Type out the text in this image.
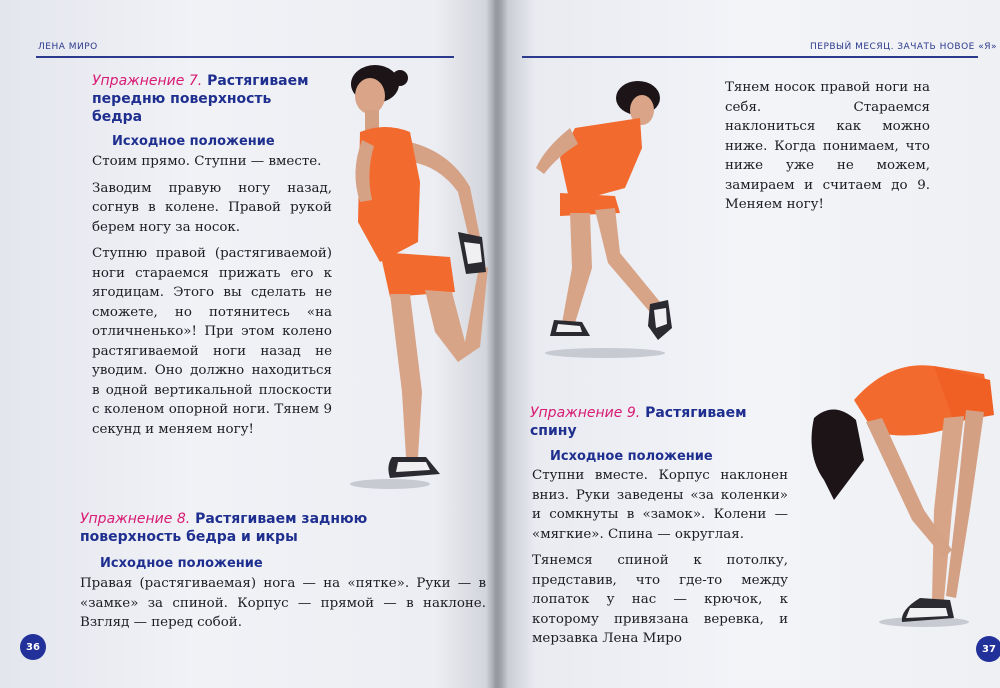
ЛЕНА МИРО
Упражнение 7. Растягиваем передню поверхность бедра
Исходное положение

Стоим прямо. Ступни — вместе.

Заводим правую ногу назад, согнув в колене. Правой рукой берем ногу за носок.

Ступню правой (растягиваемой) ноги стараемся прижать его к ягодицам. Этого вы сделать не сможете, но потянитесь «на отличненько»! При этом колено растягиваемой ноги назад не уводим. Оно должно находиться в одной вертикальной плоскости с коленом опорной ноги. Тянем 9 секунд и меняем ногу!

Упражнение 8. Растягиваем заднюю поверхность бедра и икры
Исходное положение

Правая (растягиваемая) нога — на «пятке». Руки — в «замке» за спиной. Корпус — прямой — в наклоне. Взгляд — перед собой.

36
ПЕРВЫЙ МЕСЯЦ. ЗАЧАТЬ НОВОЕ «Я»

Тянем носок правой ноги на себя. Стараемся наклониться как можно ниже. Когда понимаем, что ниже уже не можем, замираем и считаем до 9. Меняем ногу!

Упражнение 9. Растягиваем спину
Исходное положение

Ступни вместе. Корпус наклонен вниз. Руки заведены «за коленки» и сомкнуты в «замок». Колени — «мягкие». Спина — округлая.

Тянемся спиной к потолку, представив, что где-то между лопаток у нас — крючок, к которому привязана веревка, и мерзавка Лена Миро

37
